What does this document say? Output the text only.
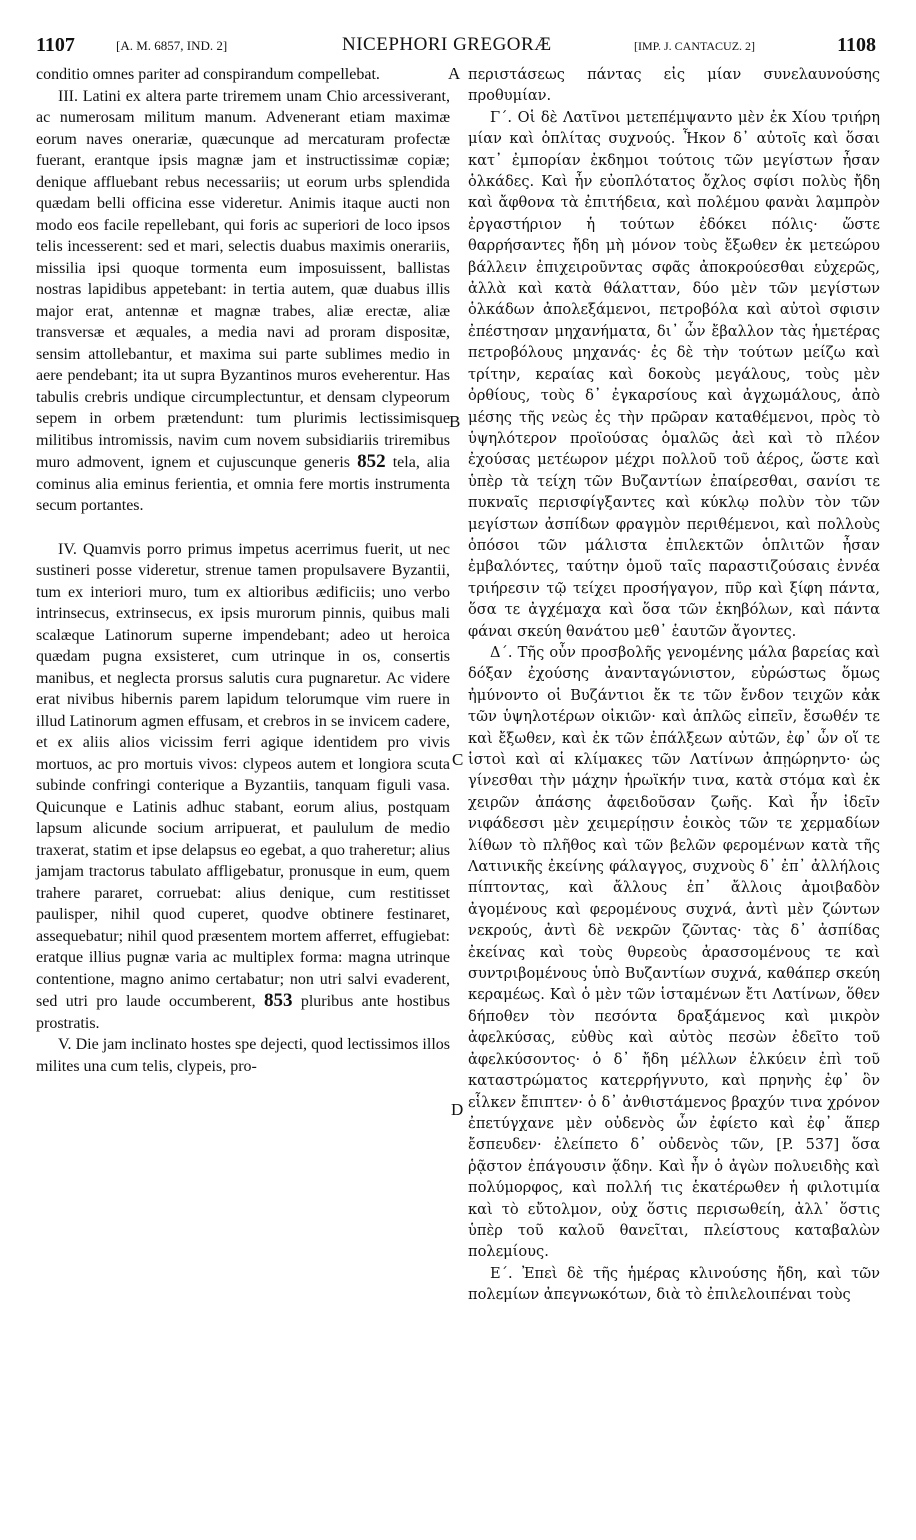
1107	[A. M. 6857, IND. 2]	NICEPHORI GREGORÆ	[IMP. J. CANTACUZ. 2]	1108
A
B
C
D

conditio omnes pariter ad conspirandum compellebat.

III. Latini ex altera parte triremem unam Chio arcessiverant, ac numerosam militum manum. Advenerant etiam maximæ eorum naves onerariæ, quæcunque ad mercaturam profectæ fuerant, erantque ipsis magnæ jam et instructissimæ copiæ; denique affluebant rebus necessariis; ut eorum urbs splendida quædam belli officina esse videretur. Animis itaque aucti non modo eos facile repellebant, qui foris ac superiori de loco ipsos telis incesserent: sed et mari, selectis duabus maximis onerariis, missilia ipsi quoque tormenta eum imposuissent, ballistas nostras lapidibus appetebant: in tertia autem, quæ duabus illis major erat, antennæ et magnæ trabes, aliæ erectæ, aliæ transversæ et æquales, a media navi ad proram dispositæ, sensim attollebantur, et maxima sui parte sublimes medio in aere pendebant; ita ut supra Byzantinos muros eveherentur. Has tabulis crebris undique circumplectuntur, et densam clypeorum sepem in orbem prætendunt: tum plurimis lectissimisque militibus intromissis, navim cum novem subsidiariis triremibus muro admovent, ignem et cujuscunque generis 852 tela, alia cominus alia eminus ferientia, et omnia fere mortis instrumenta secum portantes.

IV. Quamvis porro primus impetus acerrimus fuerit, ut nec sustineri posse videretur, strenue tamen propulsavere Byzantii, tum ex interiori muro, tum ex altioribus ædificiis; uno verbo intrinsecus, extrinsecus, ex ipsis murorum pinnis, quibus mali scalæque Latinorum superne impendebant; adeo ut heroica quædam pugna exsisteret, cum utrinque in os, consertis manibus, et neglecta prorsus salutis cura pugnaretur. Ac videre erat nivibus hibernis parem lapidum telorumque vim ruere in illud Latinorum agmen effusam, et crebros in se invicem cadere, et ex aliis alios vicissim ferri agique identidem pro vivis mortuos, ac pro mortuis vivos: clypeos autem et longiora scuta subinde confringi conterique a Byzantiis, tanquam figuli vasa. Quicunque e Latinis adhuc stabant, eorum alius, postquam lapsum alicunde socium arripuerat, et paululum de medio traxerat, statim et ipse delapsus eo egebat, a quo traheretur; alius jamjam tractorus tabulato affligebatur, pronusque in eum, quem trahere pararet, corruebat: alius denique, cum restitisset paulisper, nihil quod cuperet, quodve obtinere festinaret, assequebatur; nihil quod præsentem mortem afferret, effugiebat: eratque illius pugnæ varia ac multiplex forma: magna utrinque contentione, magno animo certabatur; non utri salvi evaderent, sed utri pro laude occumberent, 853 pluribus ante hostibus prostratis.

V. Die jam inclinato hostes spe dejecti, quod lectissimos illos milites una cum telis, clypeis, pro-

περιστάσεως πάντας εἰς μίαν συνελαυνούσης προθυμίαν.

Γ΄. Οἱ δὲ Λατῖνοι μετεπέμψαντο μὲν ἐκ Χίου τριήρη μίαν καὶ ὁπλίτας συχνούς. Ἧκον δ᾿ αὐτοῖς καὶ ὅσαι κατ᾿ ἐμπορίαν ἐκδημοι τούτοις τῶν μεγίστων ἦσαν ὁλκάδες. Καὶ ἦν εὐοπλότατος ὄχλος σφίσι πολὺς ἤδη καὶ ἄφθονα τὰ ἐπιτήδεια, καὶ πολέμου φανὰι λαμπρὸν ἐργαστήριον ἡ τούτων ἐδόκει πόλις· ὥστε θαρρήσαντες ἤδη μὴ μόνον τοὺς ἔξωθεν ἐκ μετεώρου βάλλειν ἐπιχειροῦντας σφᾶς ἀποκρούεσθαι εὐχερῶς, ἀλλὰ καὶ κατὰ θάλατταν, δύο μὲν τῶν μεγίστων ὁλκάδων ἀπολεξάμενοι, πετροβόλα καὶ αὐτοὶ σφισιν ἐπέστησαν μηχανήματα, δι᾿ ὧν ἔβαλλον τὰς ἡμετέρας πετροβόλους μηχανάς· ἐς δὲ τὴν τούτων μείζω καὶ τρίτην, κεραίας καὶ δοκοὺς μεγάλους, τοὺς μὲν ὀρθίους, τοὺς δ᾿ ἐγκαρσίους καὶ ἀγχωμάλους, ἀπὸ μέσης τῆς νεὼς ἐς τὴν πρῶραν καταθέμενοι, πρὸς τὸ ὑψηλότερον προϊούσας ὁμαλῶς ἀεὶ καὶ τὸ πλέον ἐχούσας μετέωρον μέχρι πολλοῦ τοῦ ἀέρος, ὥστε καὶ ὑπὲρ τὰ τείχη τῶν Βυζαντίων ἐπαίρεσθαι, σανίσι τε πυκναῖς περισφίγξαντες καὶ κύκλῳ πολὺν τὸν τῶν μεγίστων ἀσπίδων φραγμὸν περιθέμενοι, καὶ πολλοὺς ὁπόσοι τῶν μάλιστα ἐπιλεκτῶν ὁπλιτῶν ἦσαν ἐμβαλόντες, ταύτην ὁμοῦ ταῖς παραστιζούσαις ἐννέα τριήρεσιν τῷ τείχει προσήγαγον, πῦρ καὶ ξίφη πάντα, ὅσα τε ἀγχέμαχα καὶ ὅσα τῶν ἐκηβόλων, καὶ πάντα φάναι σκεύη θανάτου μεθ᾿ ἑαυτῶν ἄγοντες.

Δ΄. Τῆς οὖν προσβολῆς γενομένης μάλα βαρείας καὶ δόξαν ἐχούσης ἀνανταγώνιστον, εὐρώστως ὅμως ἠμύνοντο οἱ Βυζάντιοι ἔκ τε τῶν ἔνδον τειχῶν κἀκ τῶν ὑψηλοτέρων οἰκιῶν· καὶ ἁπλῶς εἰπεῖν, ἔσωθέν τε καὶ ἔξωθεν, καὶ ἐκ τῶν ἐπάλξεων αὐτῶν, ἐφ᾿ ὧν οἵ τε ἱστοὶ καὶ αἱ κλίμακες τῶν Λατίνων ἀπῃώρηντο· ὡς γίνεσθαι τὴν μάχην ἡρωϊκήν τινα, κατὰ στόμα καὶ ἐκ χειρῶν ἁπάσης ἀφειδοῦσαν ζωῆς. Καὶ ἦν ἰδεῖν νιφάδεσσι μὲν χειμερίῃσιν ἐοικὸς τῶν τε χερμαδίων λίθων τὸ πλῆθος καὶ τῶν βελῶν φερομένων κατὰ τῆς Λατινικῆς ἐκείνης φάλαγγος, συχνοὺς δ᾿ ἐπ᾿ ἀλλήλοις πίπτοντας, καὶ ἄλλους ἐπ᾿ ἄλλοις ἀμοιβαδὸν ἀγομένους καὶ φερομένους συχνά, ἀντὶ μὲν ζώντων νεκρούς, ἀντὶ δὲ νεκρῶν ζῶντας· τὰς δ᾿ ἀσπίδας ἐκείνας καὶ τοὺς θυρεοὺς ἀρασσομένους τε καὶ συντριβομένους ὑπὸ Βυζαντίων συχνά, καθάπερ σκεύη κεραμέως. Καὶ ὁ μὲν τῶν ἱσταμένων ἔτι Λατίνων, ὅθεν δήποθεν τὸν πεσόντα δραξάμενος καὶ μικρὸν ἀφελκύσας, εὐθὺς καὶ αὐτὸς πεσὼν ἐδεῖτο τοῦ ἀφελκύσοντος· ὁ δ᾿ ἤδη μέλλων ἑλκύειν ἐπὶ τοῦ καταστρώματος κατερρήγνυτο, καὶ πρηνὴς ἐφ᾿ ὃν εἷλκεν ἔπιπτεν· ὁ δ᾿ ἀνθιστάμενος βραχύν τινα χρόνον ἐπετύγχανε μὲν οὐδενὸς ὧν ἐφίετο καὶ ἐφ᾿ ἅπερ ἔσπευδεν· ἐλείπετο δ᾿ οὐδενὸς τῶν, [P. 537] ὅσα ῥᾷστον ἐπάγουσιν ᾅδην. Καὶ ἦν ὁ ἀγὼν πολυειδὴς καὶ πολύμορφος, καὶ πολλή τις ἑκατέρωθεν ἡ φιλοτιμία καὶ τὸ εὔτολμον, οὐχ ὅστις περισωθείη, ἀλλ᾿ ὅστις ὑπὲρ τοῦ καλοῦ θανεῖται, πλείστους καταβαλὼν πολεμίους.

Ε΄. Ἐπεὶ δὲ τῆς ἡμέρας κλινούσης ἤδη, καὶ τῶν πολεμίων ἀπεγνωκότων, διὰ τὸ ἐπιλελοιπέναι τοὺς
